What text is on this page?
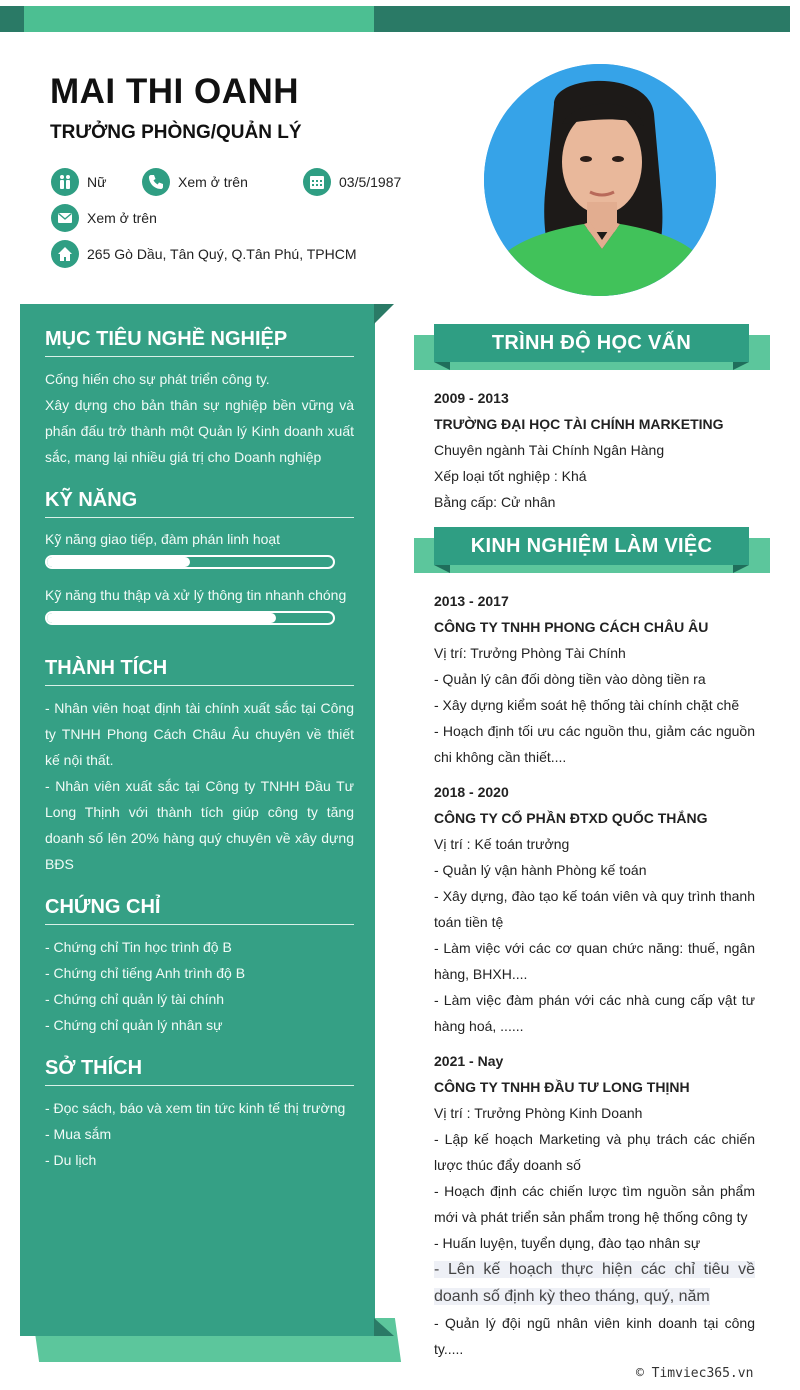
MAI THI OANH
TRƯỞNG PHÒNG/QUẢN LÝ
Nữ	Xem ở trên	03/5/1987
Xem ở trên
265 Gò Dầu, Tân Quý, Q.Tân Phú, TPHCM
MỤC TIÊU NGHỀ NGHIỆP
Cống hiến cho sự phát triển công ty.
Xây dựng cho bản thân sự nghiệp bền vững và phấn đấu trở thành một Quản lý Kinh doanh xuất sắc, mang lại nhiều giá trị cho Doanh nghiệp
KỸ NĂNG
Kỹ năng giao tiếp, đàm phán linh hoạt
Kỹ năng thu thập và xử lý thông tin nhanh chóng
THÀNH TÍCH
- Nhân viên hoạt định tài chính xuất sắc tại Công ty TNHH Phong Cách Châu Âu chuyên về thiết kế nội thất.
- Nhân viên xuất sắc tại Công ty TNHH Đầu Tư Long Thịnh với thành tích giúp công ty tăng doanh số lên 20% hàng quý chuyên về xây dựng BĐS
CHỨNG CHỈ
- Chứng chỉ Tin học trình độ B
- Chứng chỉ tiếng Anh trình độ B
- Chứng chỉ quản lý tài chính
- Chứng chỉ quản lý nhân sự
SỞ THÍCH
- Đọc sách, báo và xem tin tức kinh tế thị trường
- Mua sắm
- Du lịch
TRÌNH ĐỘ HỌC VẤN
2009 - 2013
TRƯỜNG ĐẠI HỌC TÀI CHÍNH MARKETING
Chuyên ngành Tài Chính Ngân Hàng
Xếp loại tốt nghiệp : Khá
Bằng cấp: Cử nhân
KINH NGHIỆM LÀM VIỆC
2013 - 2017
CÔNG TY TNHH PHONG CÁCH CHÂU ÂU

Vị trí: Trưởng Phòng Tài Chính

- Quản lý cân đối dòng tiền vào dòng tiền ra

- Xây dựng kiểm soát hệ thống tài chính chặt chẽ

- Hoạch định tối ưu các nguồn thu, giảm các nguồn chi không cần thiết....

2018 - 2020
CÔNG TY CỔ PHẦN ĐTXD QUỐC THẮNG

Vị trí : Kế toán trưởng

- Quản lý vận hành Phòng kế toán

- Xây dựng, đào tạo kế toán viên và quy trình thanh toán tiền tệ

- Làm việc với các cơ quan chức năng: thuế, ngân hàng, BHXH....

- Làm việc đàm phán với các nhà cung cấp vật tư hàng hoá, ......

2021 - Nay
CÔNG TY TNHH ĐẦU TƯ LONG THỊNH

Vị trí : Trưởng Phòng Kinh Doanh

- Lập kế hoạch Marketing và phụ trách các chiến lược thúc đẩy doanh số

- Hoạch định các chiến lược tìm nguồn sản phẩm mới và phát triển sản phẩm trong hệ thống công ty

- Huấn luyện, tuyển dụng, đào tạo nhân sự

- Lên kế hoạch thực hiện các chỉ tiêu về doanh số định kỳ theo tháng, quý, năm

- Quản lý đội ngũ nhân viên kinh doanh tại công ty.....

© Timviec365.vn
